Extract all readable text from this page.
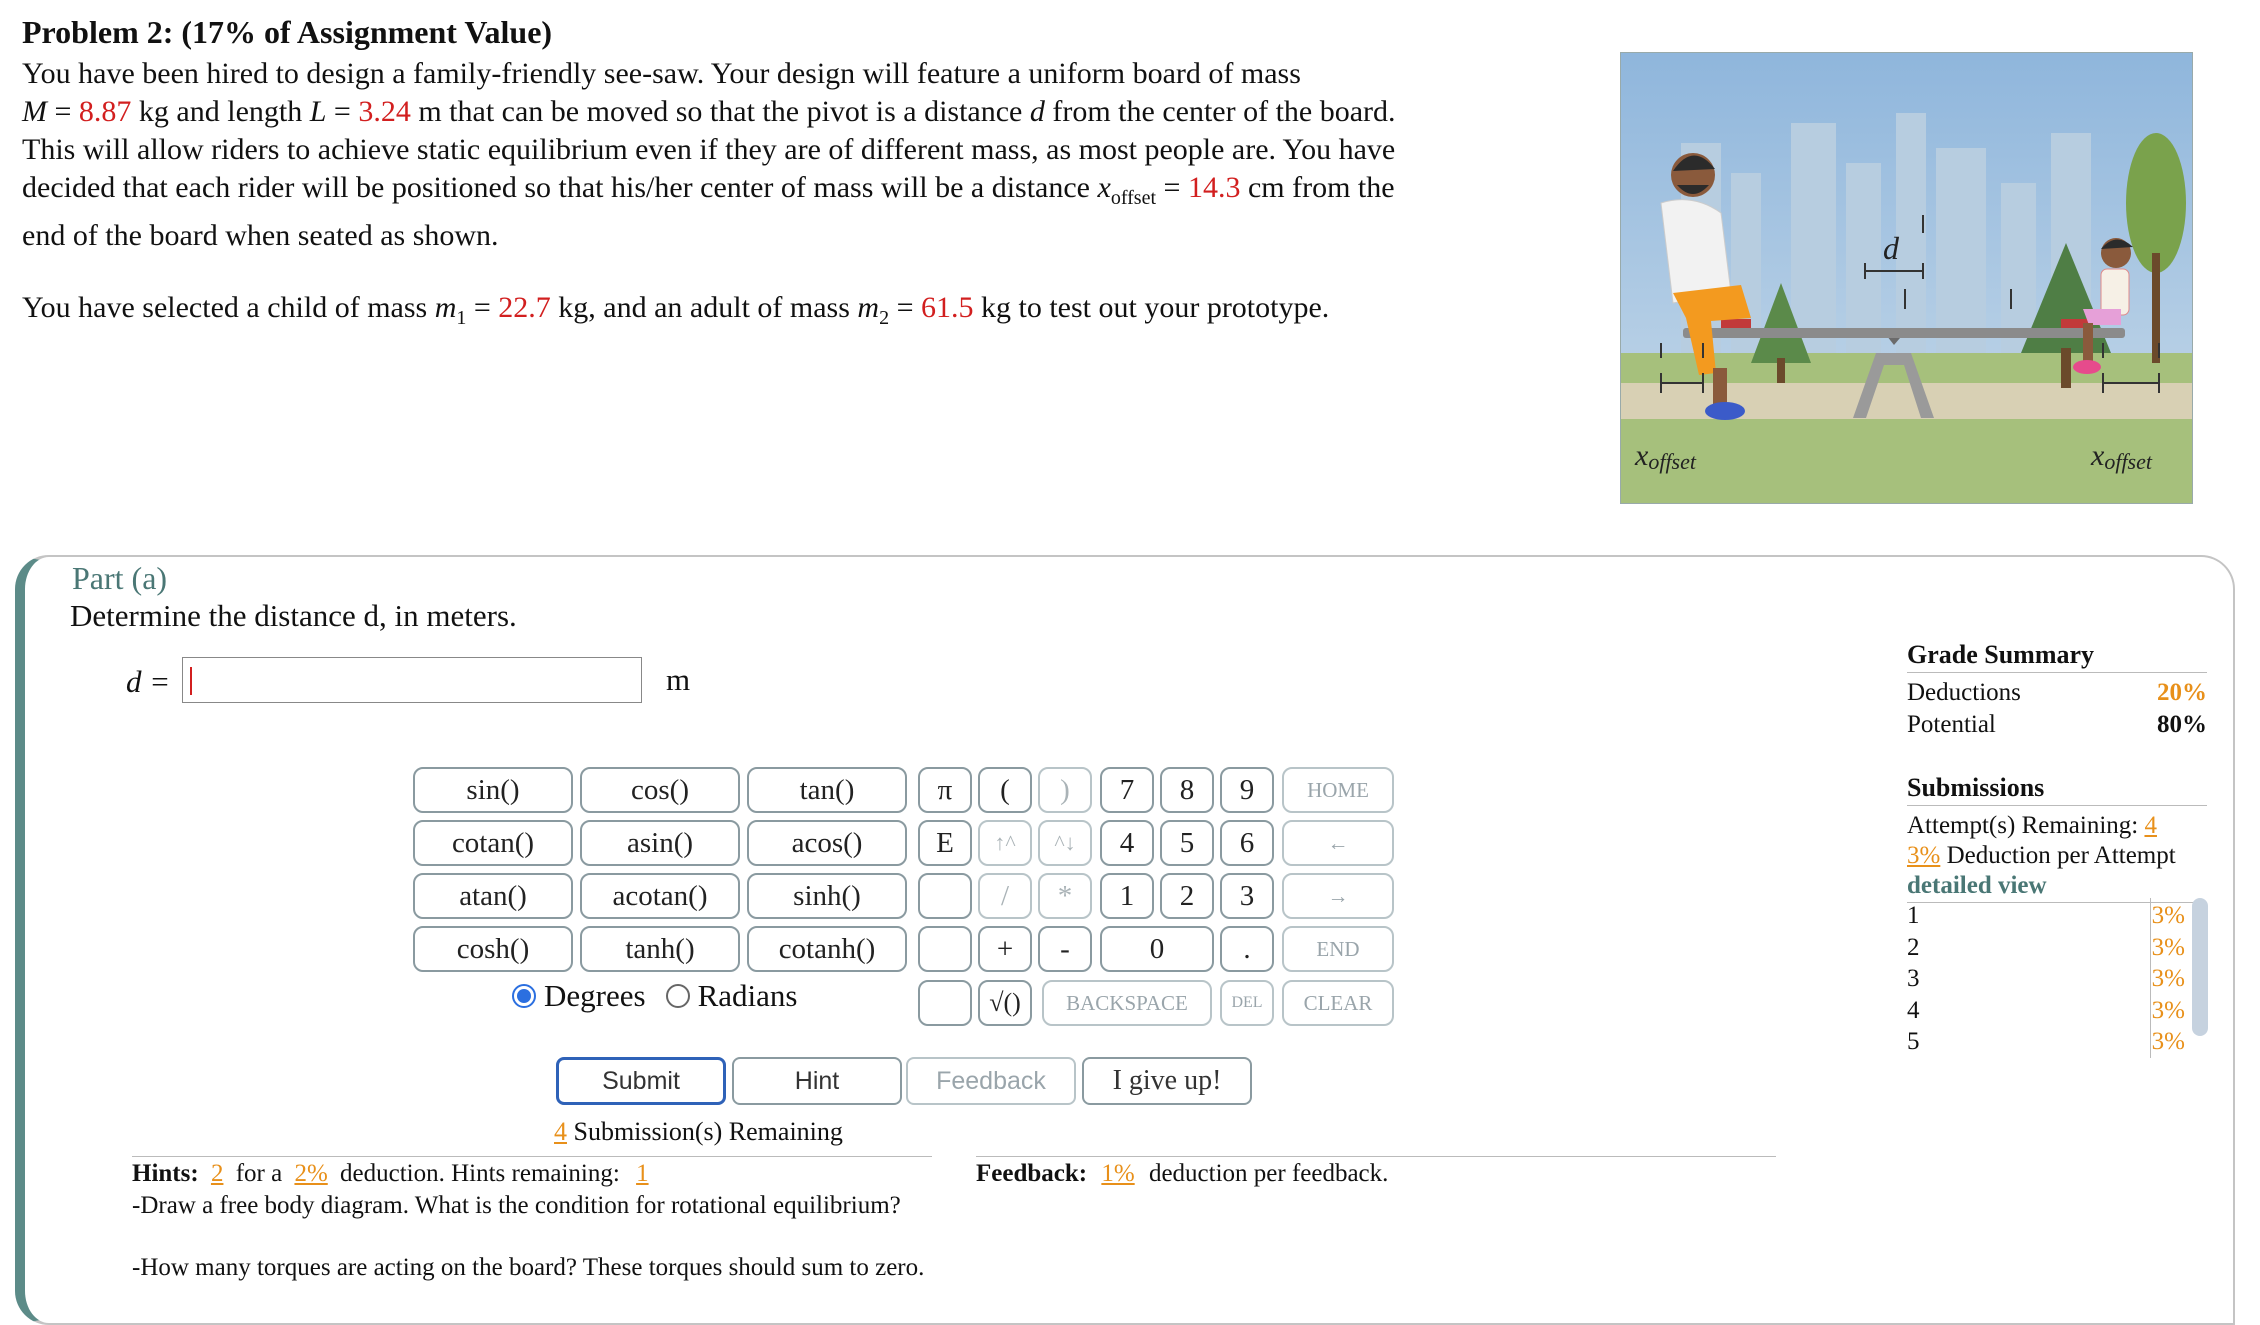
Problem 2: (17% of Assignment Value)

You have been hired to design a family-friendly see-saw. Your design will feature a uniform board of mass
M = 8.87 kg and length L = 3.24 m that can be moved so that the pivot is a distance d from the center of the board.
This will allow riders to achieve static equilibrium even if they are of different mass, as most people are. You have
decided that each rider will be positioned so that his/her center of mass will be a distance $x_{offset} = 14.3$ cm from the
end of the board when seated as shown.

You have selected a child of mass $m_1 = 22.7$ kg, and an adult of mass $m_2 = 61.5$ kg to test out your prototype.

d
xoffset	xoffset
Part (a)
Determine the distance d, in meters.
d =	m
sin()	cos()	tan()
cotan()	asin()	acos()
atan()	acotan()	sinh()
cosh()	tanh()	cotanh()
π	(	)
E	↑^	^↓
/	*
+	-
√()
7	8	9
4	5	6
1	2	3
0	.
HOME
←
→
END
BACKSPACE	DEL	CLEAR
Degrees Radians
Submit	Hint	Feedback	I give up!
4 Submission(s) Remaining
Hints: 2 for a 2% deduction. Hints remaining: 1
-Draw a free body diagram. What is the condition for rotational equilibrium?
-How many torques are acting on the board? These torques should sum to zero.
Feedback: 1% deduction per feedback.
Grade Summary
Deductions	20%
Potential	80%
Submissions
Attempt(s) Remaining: 4
3% Deduction per Attempt
detailed view
1	3%
2	3%
3	3%
4	3%
5	3%
